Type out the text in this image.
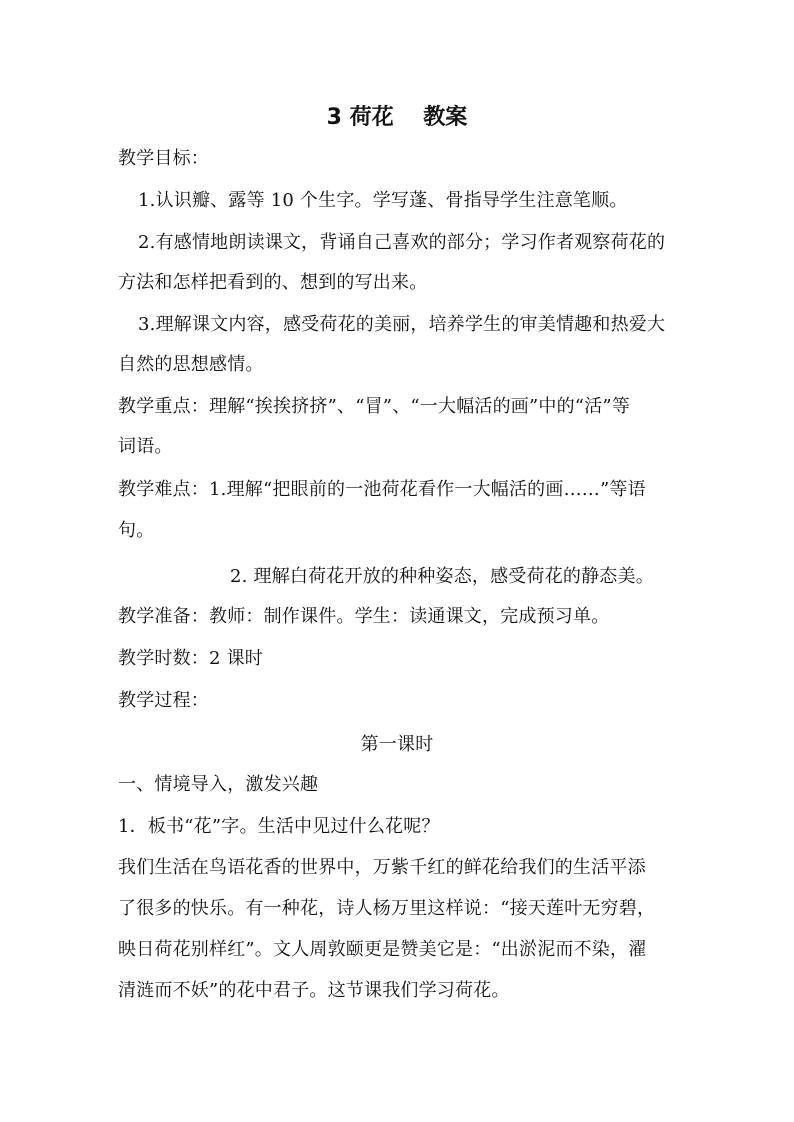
3 荷花　 教案
教学目标：
1.认识瓣、露等 10 个生字。学写蓬、骨指导学生注意笔顺。
2.有感情地朗读课文，背诵自己喜欢的部分；学习作者观察荷花的
方法和怎样把看到的、想到的写出来。
3.理解课文内容，感受荷花的美丽，培养学生的审美情趣和热爱大
自然的思想感情。
教学重点：理解“挨挨挤挤”、“冒”、“一大幅活的画”中的“活”等
词语。
教学难点：1.理解“把眼前的一池荷花看作一大幅活的画……”等语
句。
2. 理解白荷花开放的种种姿态，感受荷花的静态美。
教学准备：教师：制作课件。学生：读通课文，完成预习单。
教学时数：2 课时
教学过程：
第一课时
一、情境导入，激发兴趣
1．板书“花”字。生活中见过什么花呢？
我们生活在鸟语花香的世界中，万紫千红的鲜花给我们的生活平添
了很多的快乐。有一种花，诗人杨万里这样说：“接天莲叶无穷碧，
映日荷花别样红”。文人周敦颐更是赞美它是：“出淤泥而不染，濯
清涟而不妖”的花中君子。这节课我们学习荷花。
